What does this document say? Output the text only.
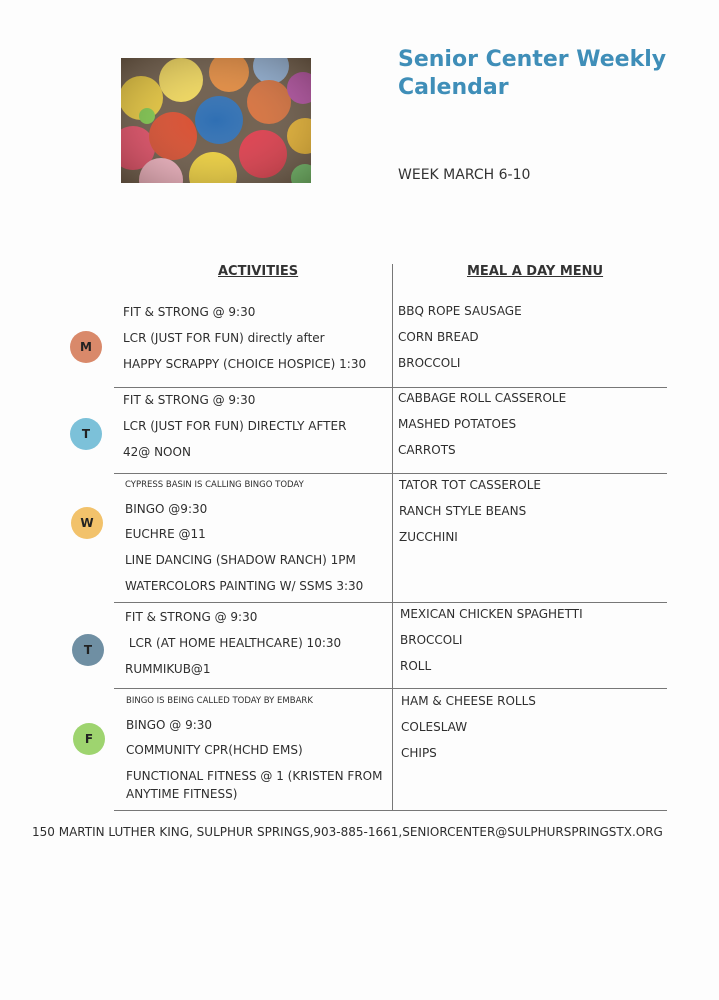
Senior Center Weekly Calendar
WEEK MARCH 6-10
ACTIVITIES	MEAL A DAY MENU
M
FIT & STRONG @ 9:30
LCR (JUST FOR FUN) directly after
HAPPY SCRAPPY (CHOICE HOSPICE) 1:30
BBQ ROPE SAUSAGE
CORN BREAD
BROCCOLI
T
FIT & STRONG @ 9:30
LCR (JUST FOR FUN) DIRECTLY AFTER
42@ NOON
CABBAGE ROLL CASSEROLE
MASHED POTATOES
CARROTS
W
CYPRESS BASIN IS CALLING BINGO TODAY
BINGO @9:30
EUCHRE @11
LINE DANCING (SHADOW RANCH) 1PM
WATERCOLORS PAINTING W/ SSMS 3:30
TATOR TOT CASSEROLE
RANCH STYLE BEANS
ZUCCHINI
T
FIT & STRONG @ 9:30
LCR (AT HOME HEALTHCARE) 10:30
RUMMIKUB@1
MEXICAN CHICKEN SPAGHETTI
BROCCOLI
ROLL
F
BINGO IS BEING CALLED TODAY BY EMBARK
BINGO @ 9:30
COMMUNITY CPR(HCHD EMS)
FUNCTIONAL FITNESS @ 1 (KRISTEN FROM ANYTIME FITNESS)
HAM & CHEESE ROLLS
COLESLAW
CHIPS
150 MARTIN LUTHER KING, SULPHUR SPRINGS,903-885-1661,SENIORCENTER@SULPHURSPRINGSTX.ORG
